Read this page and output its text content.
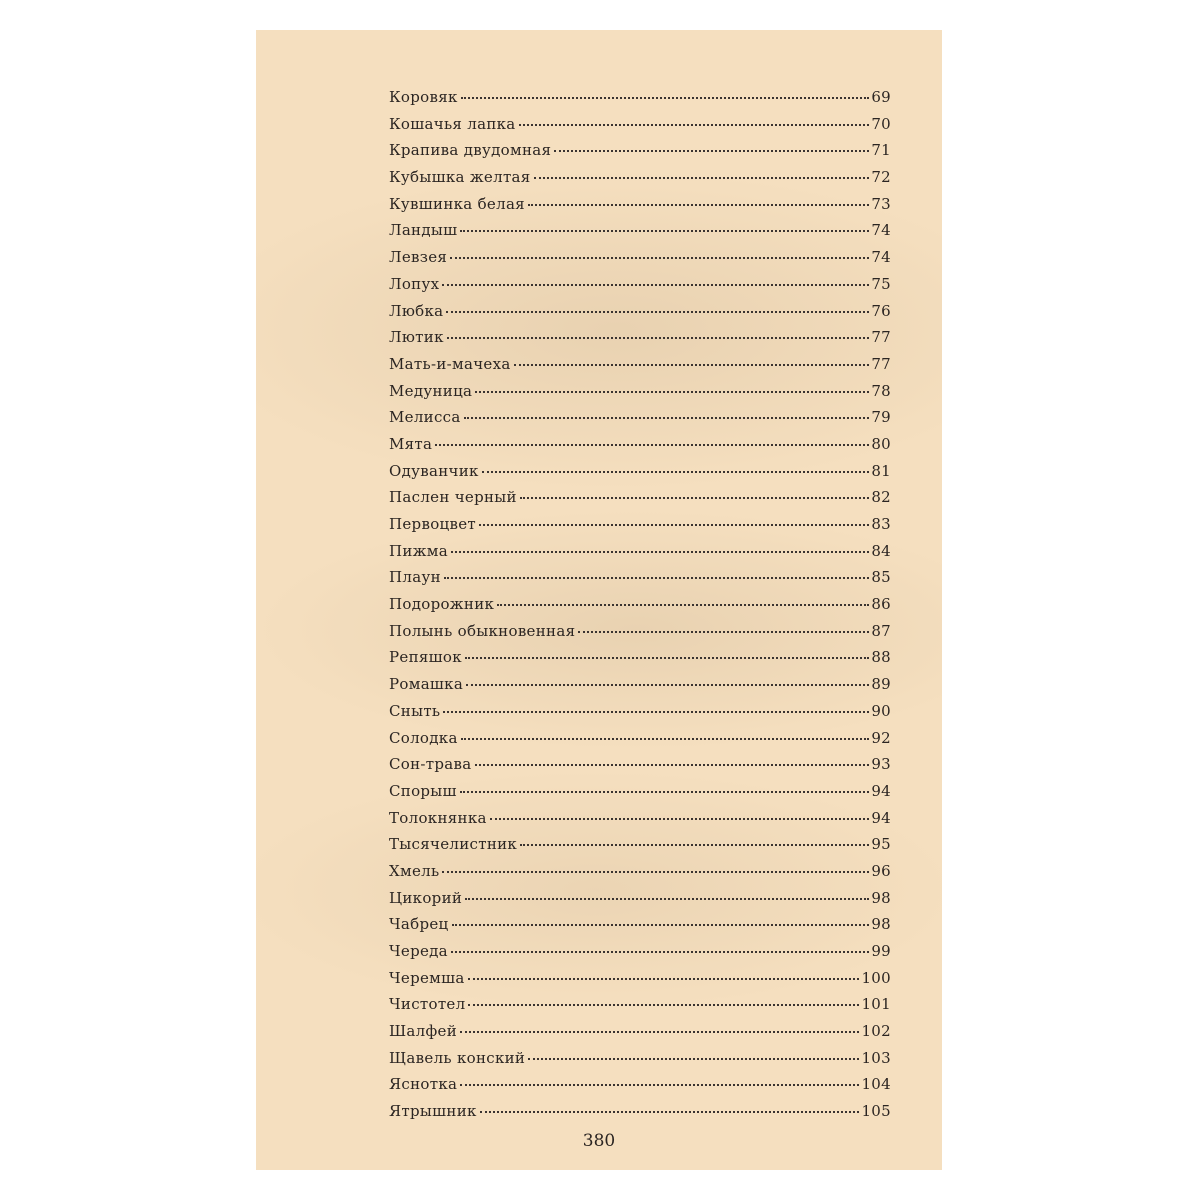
Коровяк	69
Кошачья лапка	70
Крапива двудомная	71
Кубышка желтая	72
Кувшинка белая	73
Ландыш	74
Левзея	74
Лопух	75
Любка	76
Лютик	77
Мать-и-мачеха	77
Медуница	78
Мелисса	79
Мята	80
Одуванчик	81
Паслен черный	82
Первоцвет	83
Пижма	84
Плаун	85
Подорожник	86
Полынь обыкновенная	87
Репяшок	88
Ромашка	89
Сныть	90
Солодка	92
Сон-трава	93
Спорыш	94
Толокнянка	94
Тысячелистник	95
Хмель	96
Цикорий	98
Чабрец	98
Череда	99
Черемша	100
Чистотел	101
Шалфей	102
Щавель конский	103
Яснотка	104
Ятрышник	105
380
